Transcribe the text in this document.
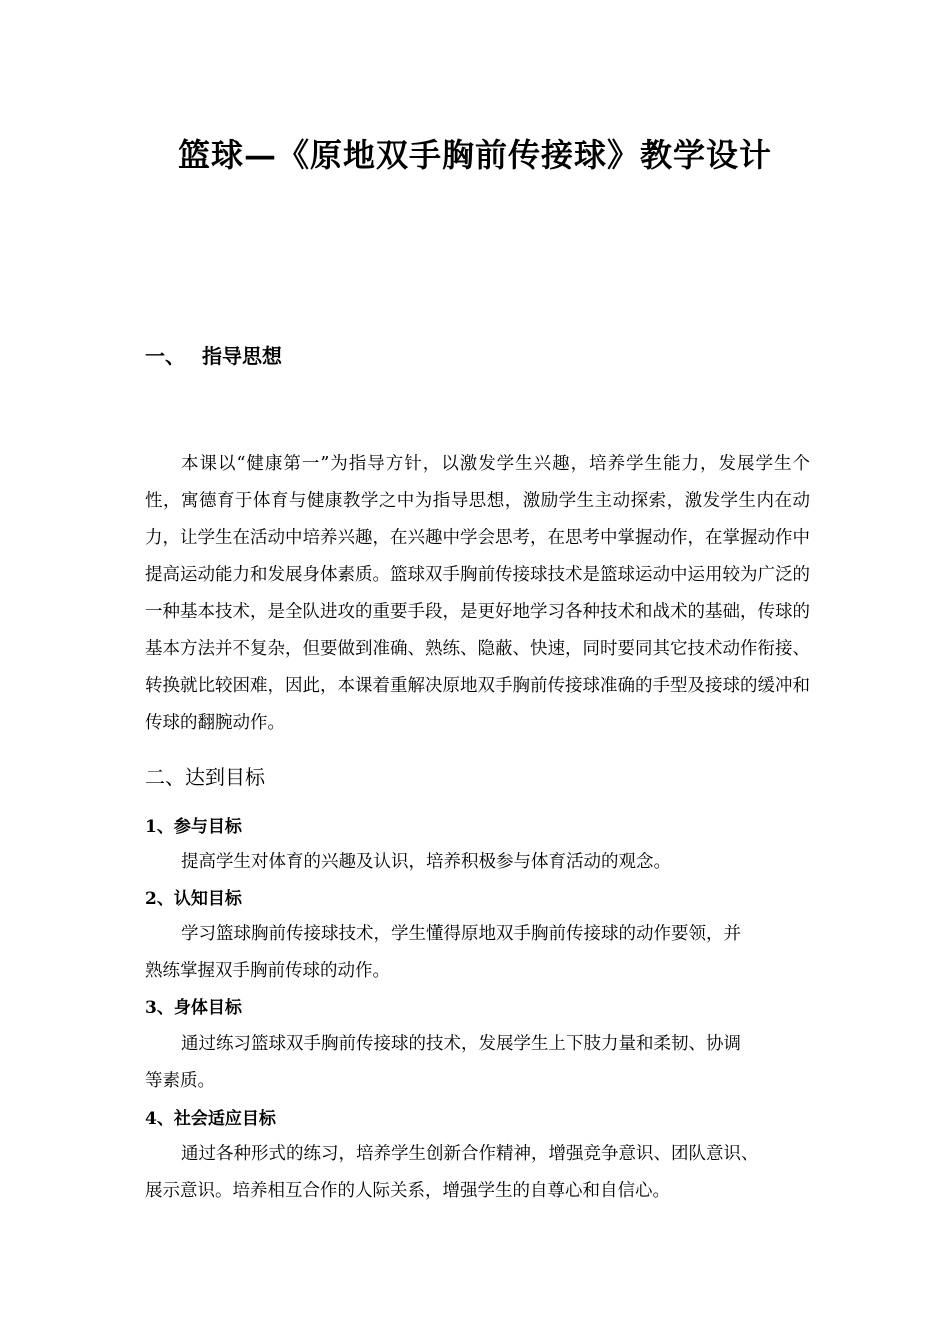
篮球—《原地双手胸前传接球》教学设计
一、 指导思想
本课以“健康第一”为指导方针，以激发学生兴趣，培养学生能力，发展学生个性，寓德育于体育与健康教学之中为指导思想，激励学生主动探索，激发学生内在动力，让学生在活动中培养兴趣，在兴趣中学会思考，在思考中掌握动作，在掌握动作中提高运动能力和发展身体素质。篮球双手胸前传接球技术是篮球运动中运用较为广泛的一种基本技术，是全队进攻的重要手段，是更好地学习各种技术和战术的基础，传球的基本方法并不复杂，但要做到准确、熟练、隐蔽、快速，同时要同其它技术动作衔接、转换就比较困难，因此，本课着重解决原地双手胸前传接球准确的手型及接球的缓冲和传球的翻腕动作。
二、达到目标
1、参与目标
提高学生对体育的兴趣及认识，培养积极参与体育活动的观念。
2、认知目标
学习篮球胸前传接球技术，学生懂得原地双手胸前传接球的动作要领，并
熟练掌握双手胸前传球的动作。
3、身体目标
通过练习篮球双手胸前传接球的技术，发展学生上下肢力量和柔韧、协调
等素质。
4、社会适应目标
通过各种形式的练习，培养学生创新合作精神，增强竞争意识、团队意识、
展示意识。培养相互合作的人际关系，增强学生的自尊心和自信心。
